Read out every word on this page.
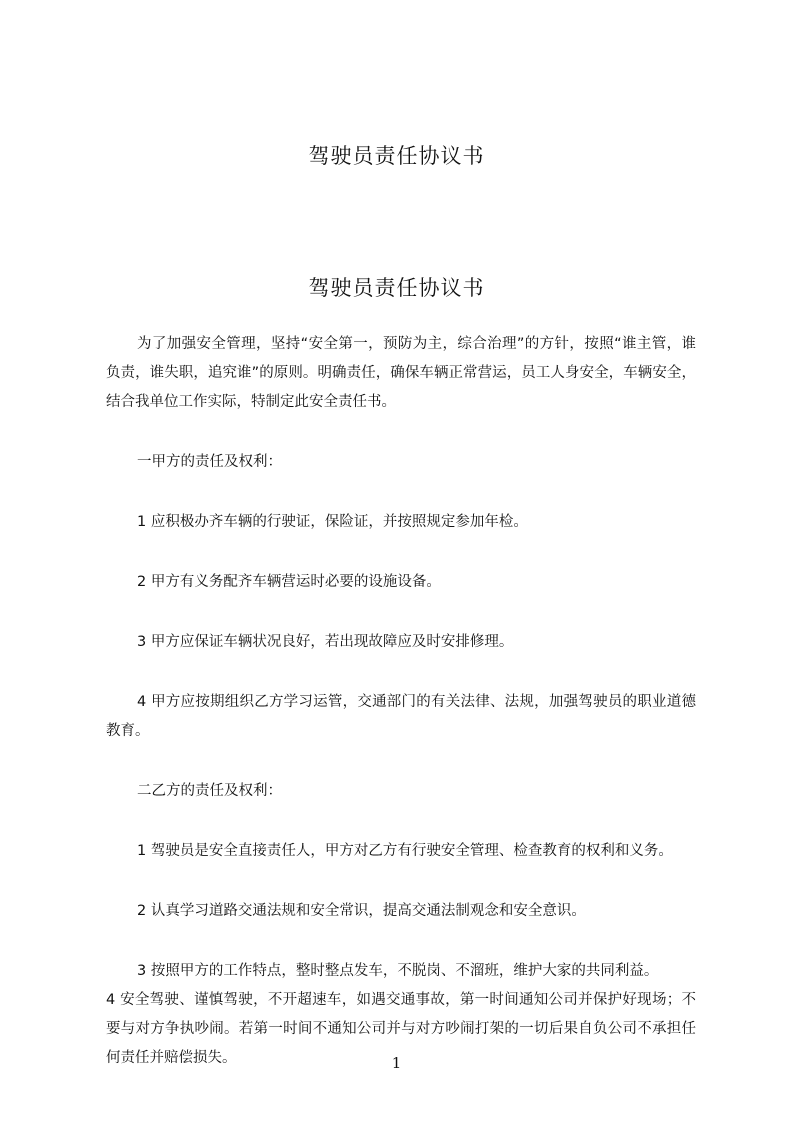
驾驶员责任协议书
驾驶员责任协议书

为了加强安全管理，坚持“安全第一，预防为主，综合治理”的方针，按照“谁主管，谁负责，谁失职，追究谁”的原则。明确责任，确保车辆正常营运，员工人身安全，车辆安全，结合我单位工作实际，特制定此安全责任书。

一甲方的责任及权利：

1 应积极办齐车辆的行驶证，保险证，并按照规定参加年检。

2 甲方有义务配齐车辆营运时必要的设施设备。

3 甲方应保证车辆状况良好，若出现故障应及时安排修理。

4 甲方应按期组织乙方学习运管，交通部门的有关法律、法规，加强驾驶员的职业道德教育。

二乙方的责任及权利：

1 驾驶员是安全直接责任人，甲方对乙方有行驶安全管理、检查教育的权利和义务。

2 认真学习道路交通法规和安全常识，提高交通法制观念和安全意识。

3 按照甲方的工作特点，整时整点发车，不脱岗、不溜班，维护大家的共同利益。

4 安全驾驶、谨慎驾驶，不开超速车，如遇交通事故，第一时间通知公司并保护好现场；不要与对方争执吵闹。若第一时间不通知公司并与对方吵闹打架的一切后果自负公司不承担任何责任并赔偿损失。	1
